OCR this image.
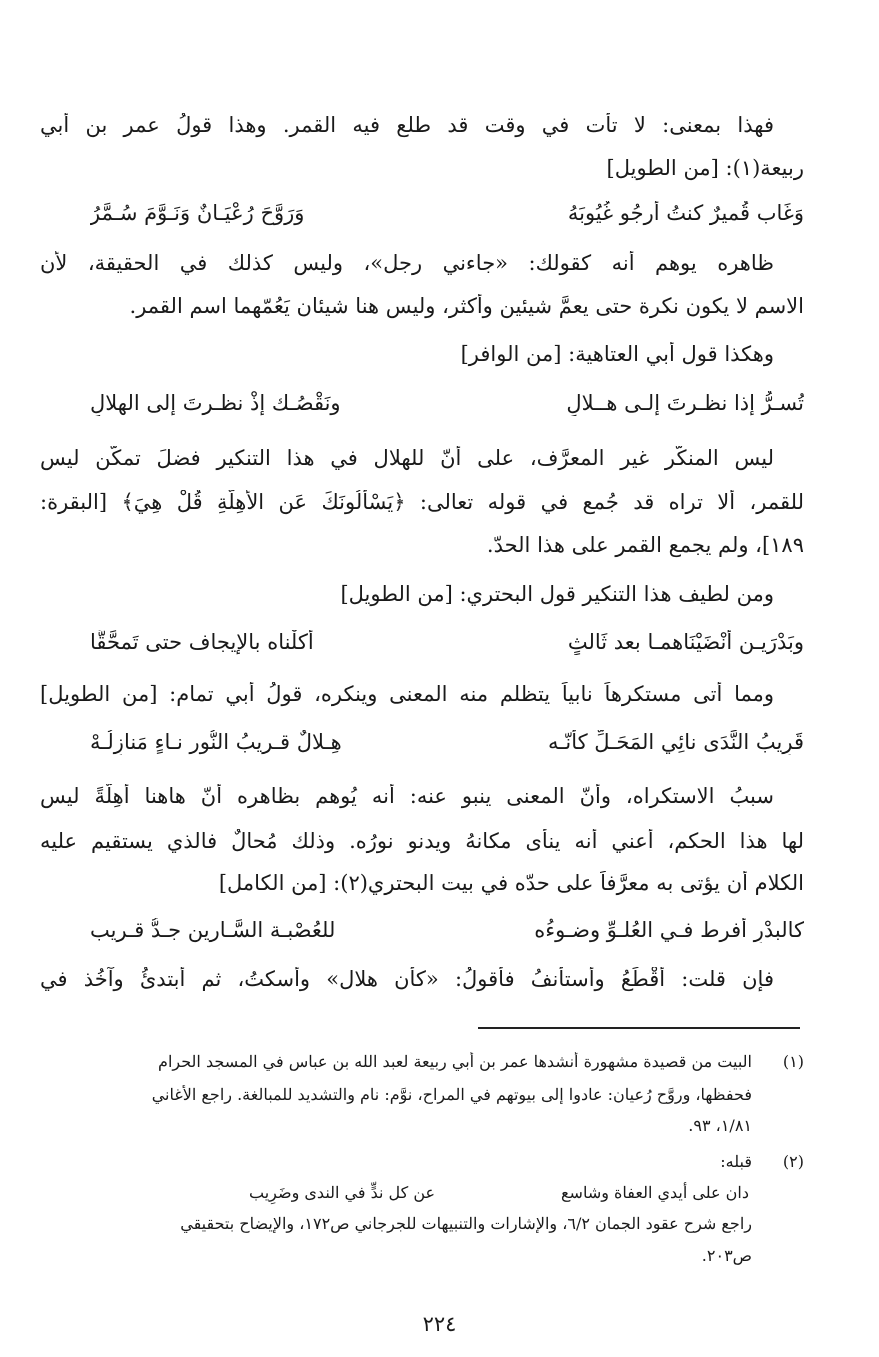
فهذا بمعنى: لا تأت في وقت قد طلع فيه القمر. وهذا قولُ عمر بن أبي
ربيعة(١): [من الطويل]
وَغَاب قُميرٌ كنتُ أرجُو غُيُوبَهُ
وَرَوَّحَ رُعْيَـانٌ وَنَـوَّمَ سُـمَّرُ
ظاهره يوهم أنه كقولك: «جاءني رجل»، وليس كذلك في الحقيقة، لأن
الاسم لا يكون نكرة حتى يعمَّ شيئين وأكثر، وليس هنا شيئان يَعُمّهما اسم القمر.
وهكذا قول أبي العتاهية: [من الوافر]
تُسـرُّ إذا نظـرتَ إلـى هــلالٍ
ونَقْصُـك إذْ نظـرتَ إلى الهلالِ
ليس المنكَّر غير المعرَّف، على أنّ للهلال في هذا التنكير فضلَ تمكُّنٍ ليس
للقمر، ألا تراه قد جُمع في قوله تعالى: ﴿يَسْأَلُونَكَ عَنِ الأَهِلَّةِ قُلْ هِيَ﴾ [البقرة:
١٨٩]، ولم يجمع القمر على هذا الحدّ.
ومن لطيف هذا التنكير قول البحتري: [من الطويل]
وبَدْرَيـن أَنْضَيْنَاهمـا بعد ثَالثٍ
أكلْناه بالإيجاف حتى تَمحَّقَّا
ومما أتى مستكرهاً نابياً يتظلم منه المعنى وينكره، قولُ أبي تمام: [من الطويل]
قَرِيبُ النَّدَى نائِي المَحَـلِّ كأنّـه
هِـلالٌ قـريبُ النُّور نـاءٍ مَنازِلُـهْ
سببُ الاستكراه، وأنّ المعنى ينبو عنه: أنه يُوهم بظاهره أنّ هاهنا أهِلَّةً ليس
لها هذا الحكم، أعني أنه ينأى مكانهُ ويدنو نورُه. وذلك مُحالٌ فالذي يستقيم عليه
الكلام أن يؤتى به معرَّفاً على حدّه في بيت البحتري(٢): [من الكامل]
كالبدْرِ أفرط فـي العُلـوِّ وضـوءُه
للعُصْبـة السَّـارين جـدُّ قـريب
فإن قلت: أَقْطَعُ وأستأنفُ فأقولُ: «كأن هلال» وأسكتُ، ثم أبتدئُ وآخُذ في
(١)البيت من قصيدة مشهورة أنشدها عمر بن أبي ربيعة لعبد الله بن عباس في المسجد الحرام
فحفظها، وروَّح رُعيان: عادوا إلى بيوتهم في المراح، نوَّم: نام والتشديد للمبالغة. راجع الأغاني
١/٨١، ٩٣.
(٢)قبله:
دان على أيدي العفاة وشاسع
عن كل ندٍّ في الندى وضَرِيب
راجع شرح عقود الجمان ٦/٢، والإشارات والتنبيهات للجرجاني ص١٧٢، والإيضاح بتحقيقي
ص٢٠٣.
٢٢٤
